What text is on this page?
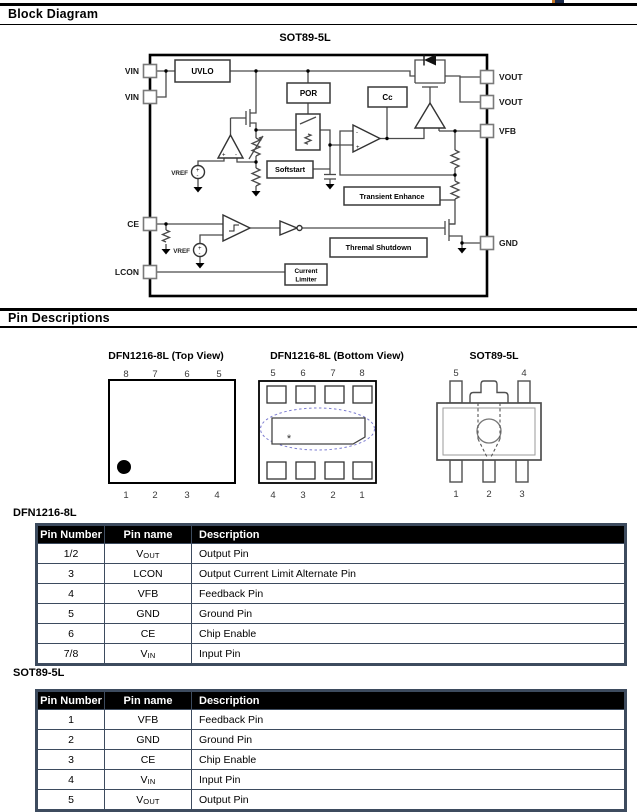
Block Diagram
SOT89-5L
+ -
-
+
+
-
VREF
+
-
VREF
UVLO
POR	Cc
Softstart
Transient Enhance
Thremal Shutdown
Current
Limiter
VIN
VIN
CE
LCON
VOUT
VOUT
VFB
GND
Pin Descriptions
DFN1216-8L (Top View)
8 7	6	5
1 2	3	4
DFN1216-8L (Bottom View)
*
5	6	7 8
4	3	2 1
SOT89-5L
5	4
1	2	3
DFN1216-8L
Pin Number	Pin name	Description
1/2	VOUT	Output Pin
3	LCON	Output Current Limit Alternate Pin
4	VFB	Feedback Pin
5	GND	Ground Pin
6	CE	Chip Enable
7/8	VIN	Input Pin
SOT89-5L
Pin Number	Pin name	Description
1	VFB	Feedback Pin
2	GND	Ground Pin
3	CE	Chip Enable
4	VIN	Input Pin
5	VOUT	Output Pin
